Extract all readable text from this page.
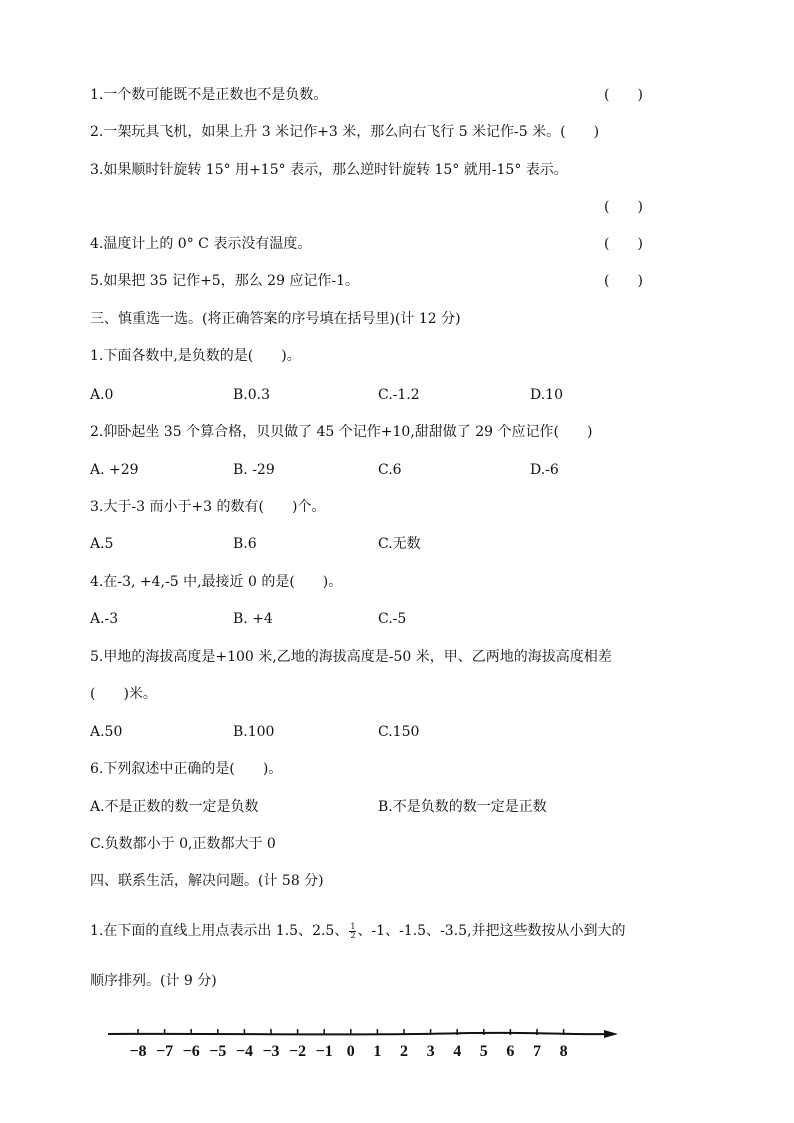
1.一个数可能既不是正数也不是负数。	(　　)
2.一架玩具飞机，如果上升 3 米记作+3 米，那么向右飞行 5 米记作-5 米。(　　)
3.如果顺时针旋转 15° 用+15° 表示，那么逆时针旋转 15° 就用-15° 表示。
(　　)
4.温度计上的 0° C 表示没有温度。	(　　)
5.如果把 35 记作+5，那么 29 应记作-1。	(　　)
三、慎重选一选。(将正确答案的序号填在括号里)(计 12 分)
1.下面各数中,是负数的是(　　)。
A.0	B.0.3	C.-1.2	D.10
2.仰卧起坐 35 个算合格，贝贝做了 45 个记作+10,甜甜做了 29 个应记作(　　)
A. +29	B. -29	C.6	D.-6
3.大于-3 而小于+3 的数有(　　)个。
A.5	B.6	C.无数
4.在-3, +4,-5 中,最接近 0 的是(　　)。
A.-3	B. +4	C.-5
5.甲地的海拔高度是+100 米,乙地的海拔高度是-50 米，甲、乙两地的海拔高度相差
(　　)米。
A.50	B.100	C.150
6.下列叙述中正确的是(　　)。
A.不是正数的数一定是负数	B.不是负数的数一定是正数
C.负数都小于 0,正数都大于 0
四、联系生活，解决问题。(计 58 分)
1.在下面的直线上用点表示出 1.5、2.5、 $\frac{1}{2}$ 、-1、-1.5、-3.5,并把这些数按从小到大的
顺序排列。(计 9 分)
−8 −7 −6 −5 −4 −3 −2 −1 0 1 2 3 4 5 6 7 8
